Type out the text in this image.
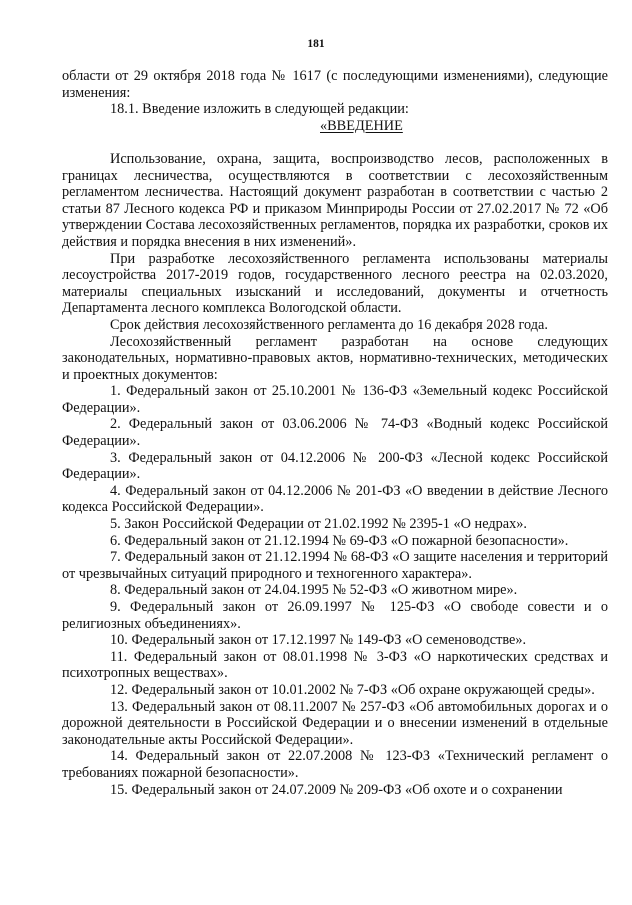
181

области от 29 октября 2018 года № 1617 (с последующими изменениями), следующие изменения:

18.1. Введение изложить в следующей редакции:

«ВВЕДЕНИЕ

Использование, охрана, защита, воспроизводство лесов, расположенных в границах лесничества, осуществляются в соответствии с лесохозяйственным регламентом лесничества. Настоящий документ разработан в соответствии с частью 2 статьи 87 Лесного кодекса РФ и приказом Минприроды России от 27.02.2017 № 72 «Об утверждении Состава лесохозяйственных регламентов, порядка их разработки, сроков их действия и порядка внесения в них изменений».

При разработке лесохозяйственного регламента использованы материалы лесоустройства 2017-2019 годов, государственного лесного реестра на 02.03.2020, материалы специальных изысканий и исследований, документы и отчетность Департамента лесного комплекса Вологодской области.

Срок действия лесохозяйственного регламента до 16 декабря 2028 года.

Лесохозяйственный регламент разработан на основе следующих законодательных, нормативно-правовых актов, нормативно-технических, методических и проектных документов:

1. Федеральный закон от 25.10.2001 № 136-ФЗ «Земельный кодекс Российской Федерации».

2. Федеральный закон от 03.06.2006 № 74-ФЗ «Водный кодекс Российской Федерации».

3. Федеральный закон от 04.12.2006 № 200-ФЗ «Лесной кодекс Российской Федерации».

4. Федеральный закон от 04.12.2006 № 201-ФЗ «О введении в действие Лесного кодекса Российской Федерации».

5. Закон Российской Федерации от 21.02.1992 № 2395-1 «О недрах».

6. Федеральный закон от 21.12.1994 № 69-ФЗ «О пожарной безопасности».

7. Федеральный закон от 21.12.1994 № 68-ФЗ «О защите населения и территорий от чрезвычайных ситуаций природного и техногенного характера».

8. Федеральный закон от 24.04.1995 № 52-ФЗ «О животном мире».

9. Федеральный закон от 26.09.1997 № 125-ФЗ «О свободе совести и о религиозных объединениях».

10. Федеральный закон от 17.12.1997 № 149-ФЗ «О семеноводстве».

11. Федеральный закон от 08.01.1998 № 3-ФЗ «О наркотических средствах и психотропных веществах».

12. Федеральный закон от 10.01.2002 № 7-ФЗ «Об охране окружающей среды».

13. Федеральный закон от 08.11.2007 № 257-ФЗ «Об автомобильных дорогах и о дорожной деятельности в Российской Федерации и о внесении изменений в отдельные законодательные акты Российской Федерации».

14. Федеральный закон от 22.07.2008 № 123-ФЗ «Технический регламент о требованиях пожарной безопасности».

15. Федеральный закон от 24.07.2009 № 209-ФЗ «Об охоте и о сохранении
